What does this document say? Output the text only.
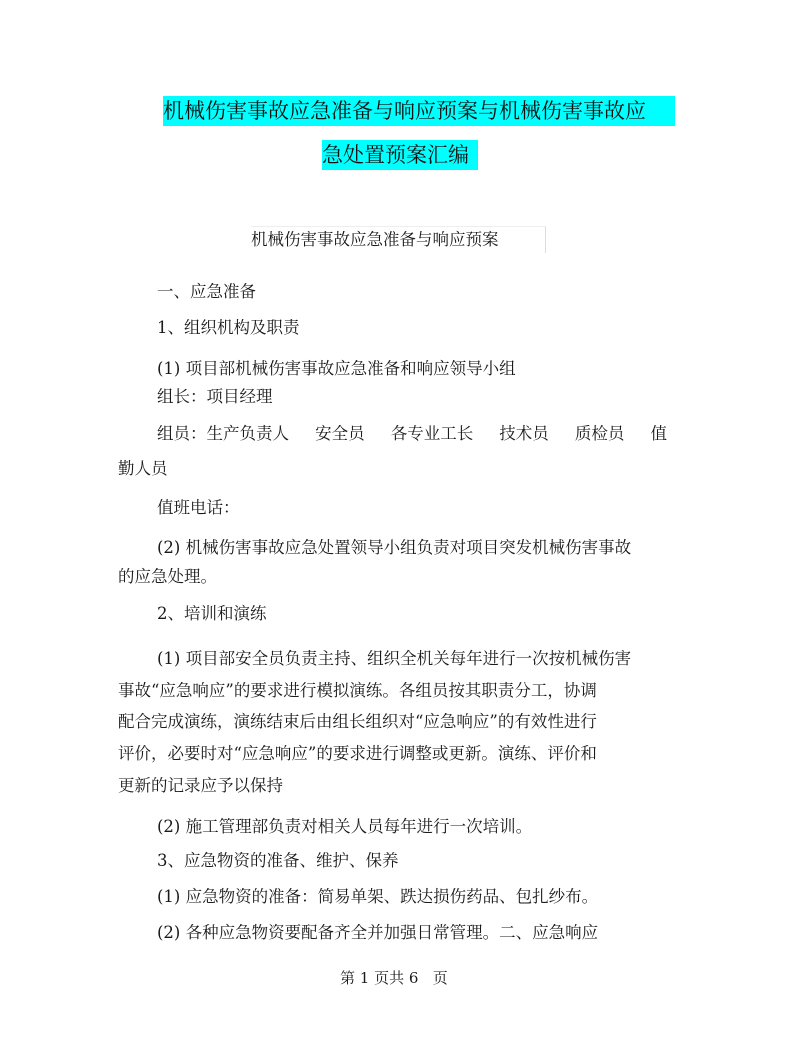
机械伤害事故应急准备与响应预案与机械伤害事故应
急处置预案汇编
机械伤害事故应急准备与响应预案
一、应急准备
1、组织机构及职责
(1) 项目部机械伤害事故应急准备和响应领导小组
组长：项目经理
组员：生产负责人 安全员 各专业工长 技术员 质检员 值
勤人员
值班电话：
(2) 机械伤害事故应急处置领导小组负责对项目突发机械伤害事故
的应急处理。
2、培训和演练
(1) 项目部安全员负责主持、组织全机关每年进行一次按机械伤害
事故“应急响应”的要求进行模拟演练。各组员按其职责分工，协调
配合完成演练，演练结束后由组长组织对“应急响应”的有效性进行
评价，必要时对“应急响应”的要求进行调整或更新。演练、评价和
更新的记录应予以保持
(2) 施工管理部负责对相关人员每年进行一次培训。
3、应急物资的准备、维护、保养
(1) 应急物资的准备：简易单架、跌达损伤药品、包扎纱布。
(2) 各种应急物资要配备齐全并加强日常管理。二、应急响应
第 1 页共 6   页
